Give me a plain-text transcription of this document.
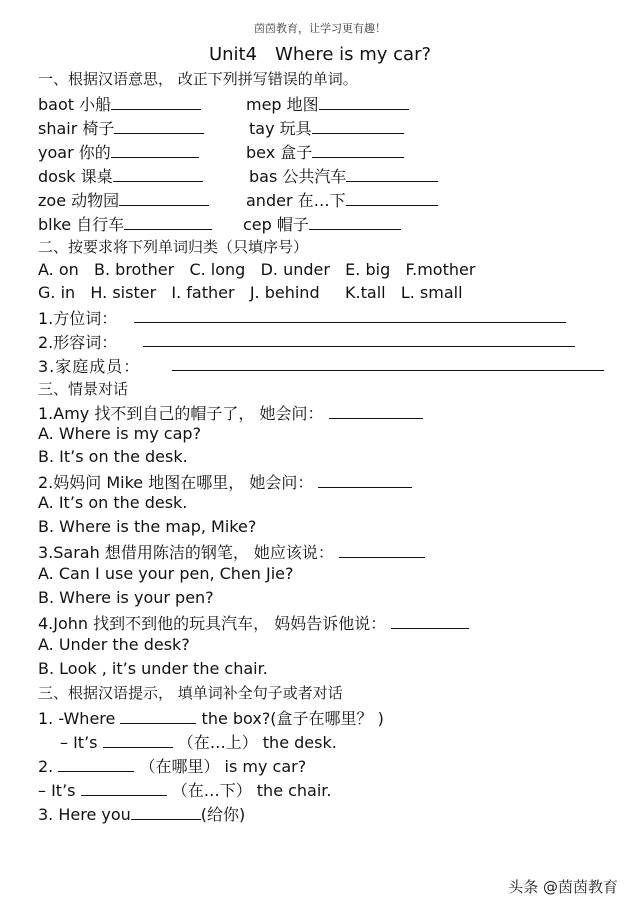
茵茵教育，让学习更有趣！
Unit4　Where is my car?
一、根据汉语意思， 改正下列拼写错误的单词。
baot 小船	mep 地图
shair 椅子	tay 玩具
yoar 你的	bex 盒子
dosk 课桌	bas 公共汽车
zoe 动物园	ander 在…下
blke 自行车	cep 帽子
二、按要求将下列单词归类（只填序号）
A. on   B. brother   C. long   D. under   E. big   F.mother
G. in   H. sister   I. father   J. behind     K.tall   L. small
1.方位词：
2.形容词：
3.家庭成员：
三、情景对话
1.Amy 找不到自己的帽子了， 她会问：
A. Where is my cap?
B. It’s on the desk.
2.妈妈问 Mike 地图在哪里， 她会问：
A. It’s on the desk.
B. Where is the map, Mike?
3.Sarah 想借用陈洁的钢笔， 她应该说：
A. Can I use your pen, Chen Jie?
B. Where is your pen?
4.John 找到不到他的玩具汽车， 妈妈告诉他说：
A. Under the desk?
B. Look , it’s under the chair.
三、根据汉语提示， 填单词补全句子或者对话
1. -Where	the box?(盒子在哪里？ )
– It’s	（在…上） the desk.
2.	（在哪里） is my car?
– It’s	（在…下） the chair.
3. Here you	(给你)
头条 @茵茵教育
